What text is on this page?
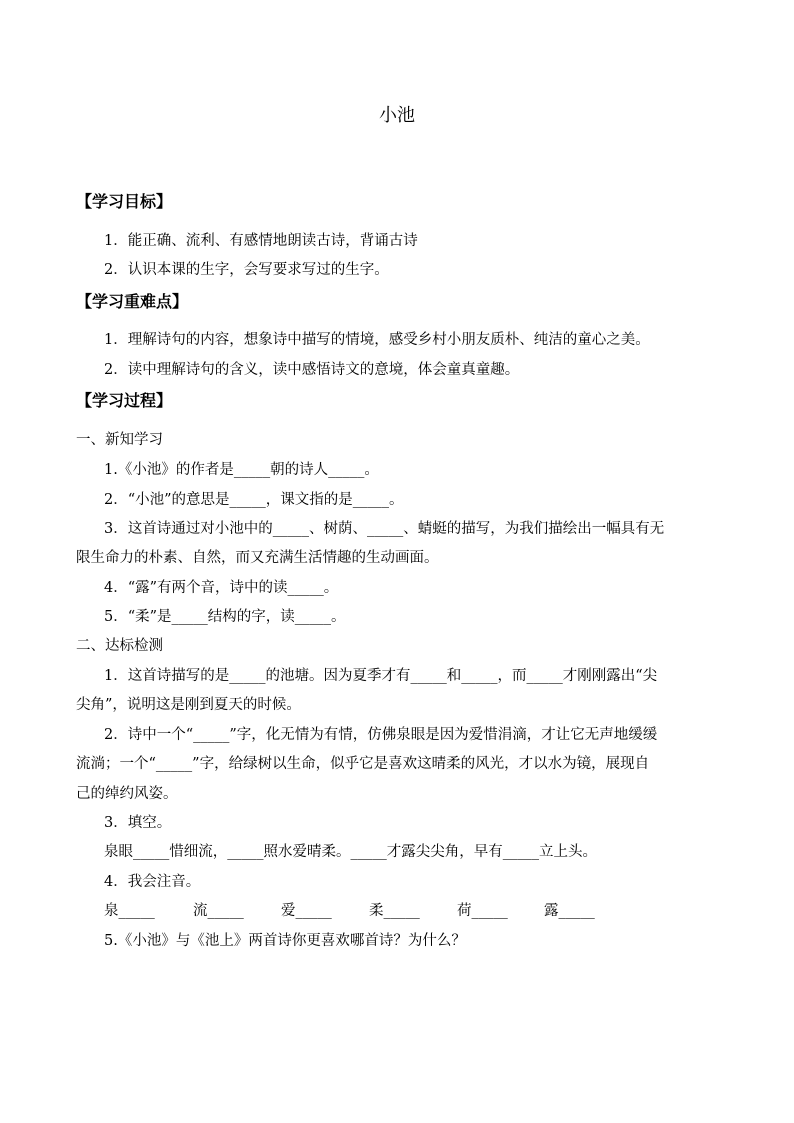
小池
【学习目标】
1．能正确、流利、有感情地朗读古诗，背诵古诗
2．认识本课的生字，会写要求写过的生字。
【学习重难点】
1．理解诗句的内容，想象诗中描写的情境，感受乡村小朋友质朴、纯洁的童心之美。
2．读中理解诗句的含义，读中感悟诗文的意境，体会童真童趣。
【学习过程】
一、新知学习
1.《小池》的作者是_____朝的诗人_____。
2．“小池”的意思是_____，课文指的是_____。
3．这首诗通过对小池中的_____、树荫、_____、蜻蜓的描写，为我们描绘出一幅具有无
限生命力的朴素、自然，而又充满生活情趣的生动画面。
4．“露”有两个音，诗中的读_____。
5．“柔”是_____结构的字，读_____。
二、达标检测
1．这首诗描写的是_____的池塘。因为夏季才有_____和_____，而_____才刚刚露出“尖
尖角”，说明这是刚到夏天的时候。
2．诗中一个“_____”字，化无情为有情，仿佛泉眼是因为爱惜涓滴，才让它无声地缓缓
流淌；一个“_____”字，给绿树以生命，似乎它是喜欢这晴柔的风光，才以水为镜，展现自
己的绰约风姿。
3．填空。
泉眼_____惜细流，_____照水爱晴柔。_____才露尖尖角，早有_____立上头。
4．我会注音。
泉_____	流_____	爱_____	柔_____	荷_____	露_____
5.《小池》与《池上》两首诗你更喜欢哪首诗？为什么？
